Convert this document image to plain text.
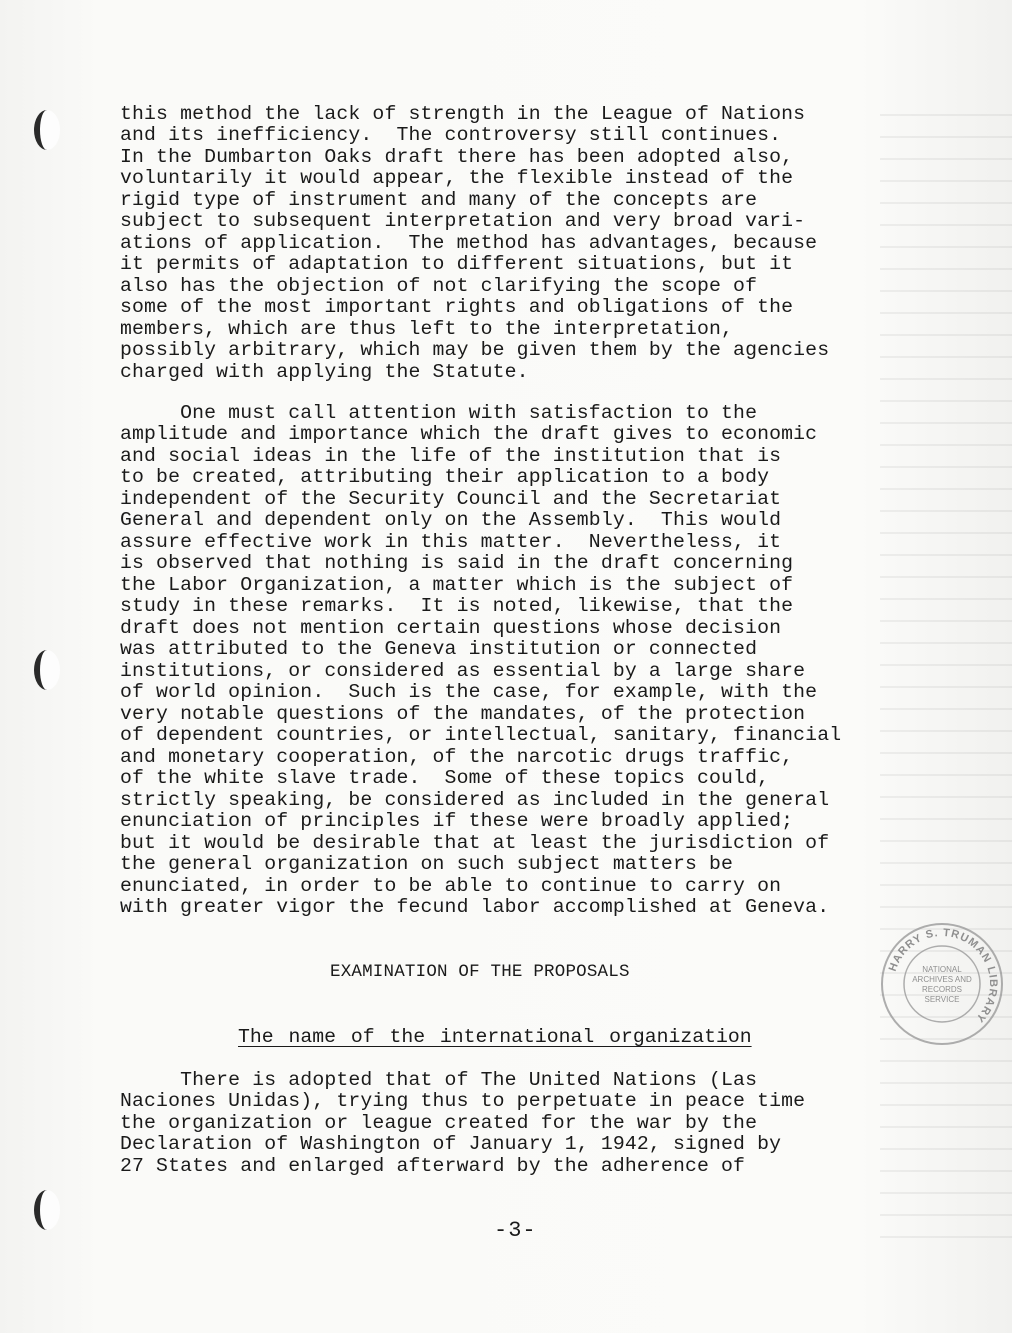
this method the lack of strength in the League of Nations
and its inefficiency.  The controversy still continues.
In the Dumbarton Oaks draft there has been adopted also,
voluntarily it would appear, the flexible instead of the
rigid type of instrument and many of the concepts are
subject to subsequent interpretation and very broad vari-
ations of application.  The method has advantages, because
it permits of adaptation to different situations, but it
also has the objection of not clarifying the scope of
some of the most important rights and obligations of the
members, which are thus left to the interpretation,
possibly arbitrary, which may be given them by the agencies
charged with applying the Statute.
One must call attention with satisfaction to the
amplitude and importance which the draft gives to economic
and social ideas in the life of the institution that is
to be created, attributing their application to a body
independent of the Security Council and the Secretariat
General and dependent only on the Assembly.  This would
assure effective work in this matter.  Nevertheless, it
is observed that nothing is said in the draft concerning
the Labor Organization, a matter which is the subject of
study in these remarks.  It is noted, likewise, that the
draft does not mention certain questions whose decision
was attributed to the Geneva institution or connected
institutions, or considered as essential by a large share
of world opinion.  Such is the case, for example, with the
very notable questions of the mandates, of the protection
of dependent countries, or intellectual, sanitary, financial
and monetary cooperation, of the narcotic drugs traffic,
of the white slave trade.  Some of these topics could,
strictly speaking, be considered as included in the general
enunciation of principles if these were broadly applied;
but it would be desirable that at least the jurisdiction of
the general organization on such subject matters be
enunciated, in order to be able to continue to carry on
with greater vigor the fecund labor accomplished at Geneva.
EXAMINATION OF THE PROPOSALS
The name of the international organization
There is adopted that of The United Nations (Las
Naciones Unidas), trying thus to perpetuate in peace time
the organization or league created for the war by the
Declaration of Washington of January 1, 1942, signed by
27 States and enlarged afterward by the adherence of
-3-
HARRY S. TRUMAN LIBRARY
NATIONAL
ARCHIVES AND
RECORDS
SERVICE
